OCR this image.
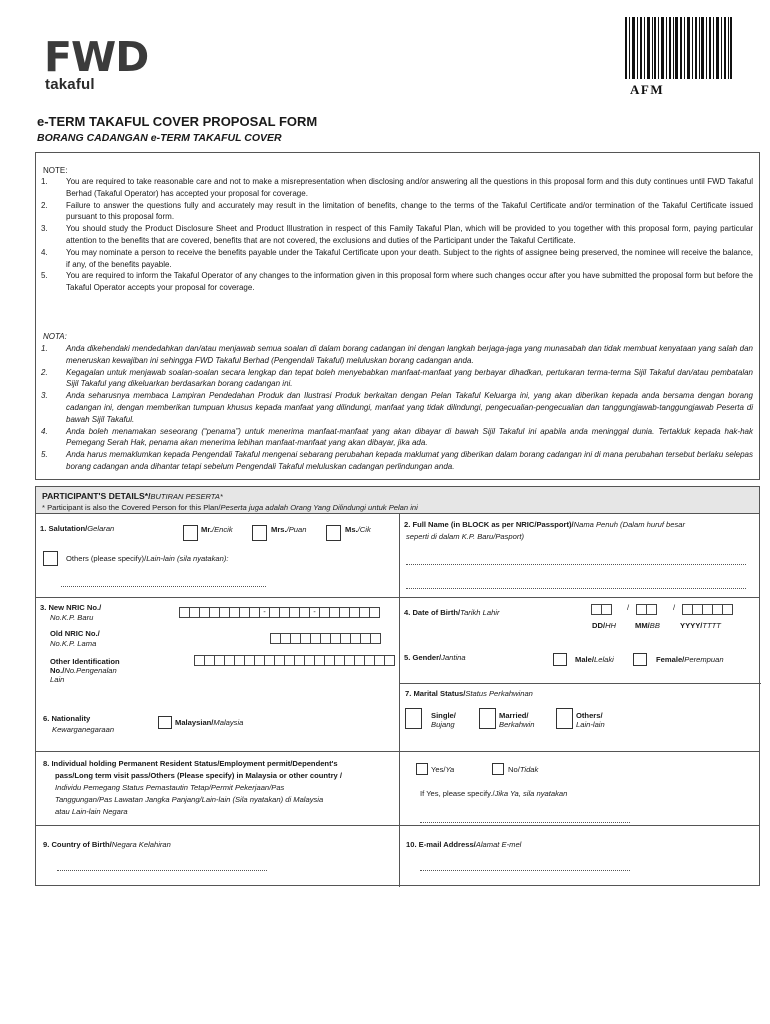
FWD
takaful	AFM
e-TERM TAKAFUL COVER PROPOSAL FORM
BORANG CADANGAN e-TERM TAKAFUL COVER
NOTE:
1.	You are required to take reasonable care and not to make a misrepresentation when disclosing and/or answering all the questions in this proposal form and this duty continues until FWD Takaful Berhad (Takaful Operator) has accepted your proposal for coverage.
2.	Failure to answer the questions fully and accurately may result in the limitation of benefits, change to the terms of the Takaful Certificate and/or termination of the Takaful Certificate issued pursuant to this proposal form.
3.	You should study the Product Disclosure Sheet and Product Illustration in respect of this Family Takaful Plan, which will be provided to you together with this proposal form, paying particular attention to the benefits that are covered, benefits that are not covered, the exclusions and duties of the Participant under the Takaful Certificate.
4.	You may nominate a person to receive the benefits payable under the Takaful Certificate upon your death. Subject to the rights of assignee being preserved, the nominee will receive the balance, if any, of the benefits payable.
5.	You are required to inform the Takaful Operator of any changes to the information given in this proposal form where such changes occur after you have submitted the proposal form but before the Takaful Operator accepts your proposal for coverage.
NOTA:
1.	Anda dikehendaki mendedahkan dan/atau menjawab semua soalan di dalam borang cadangan ini dengan langkah berjaga-jaga yang munasabah dan tidak membuat kenyataan yang salah dan meneruskan kewajiban ini sehingga FWD Takaful Berhad (Pengendali Takaful) meluluskan borang cadangan anda.
2.	Kegagalan untuk menjawab soalan-soalan secara lengkap dan tepat boleh menyebabkan manfaat-manfaat yang berbayar dihadkan, pertukaran terma-terma Sijil Takaful dan/atau pembatalan Sijil Takaful yang dikeluarkan berdasarkan borang cadangan ini.
3.	Anda seharusnya membaca Lampiran Pendedahan Produk dan Ilustrasi Produk berkaitan dengan Pelan Takaful Keluarga ini, yang akan diberikan kepada anda bersama dengan borang cadangan ini, dengan memberikan tumpuan khusus kepada manfaat yang dilindungi, manfaat yang tidak dilindungi, pengecualian-pengecualian dan tanggungjawab-tanggungjawab Peserta di bawah Sijil Takaful.
4.	Anda boleh menamakan seseorang (“penama”) untuk menerima manfaat-manfaat yang akan dibayar di bawah Sijil Takaful ini apabila anda meninggal dunia. Tertakluk kepada hak-hak Pemegang Serah Hak, penama akan menerima lebihan manfaat-manfaat yang akan dibayar, jika ada.
5.	Anda harus memaklumkan kepada Pengendali Takaful mengenai sebarang perubahan kepada maklumat yang diberikan dalam borang cadangan ini di mana perubahan tersebut berlaku selepas borang cadangan anda dihantar tetapi sebelum Pengendali Takaful meluluskan cadangan perlindungan anda.
PARTICIPANT'S DETAILS*/BUTIRAN PESERTA*
* Participant is also the Covered Person for this Plan/Peserta juga adalah Orang Yang Dilindungi untuk Pelan ini
1. Salutation/Gelaran	Mr./Encik	Mrs./Puan	Ms./Cik
Others (please specify)/Lain-lain (sila nyatakan):
2. Full Name (in BLOCK as per NRIC/Passport)/Nama Penuh (Dalam huruf besar
seperti di dalam K.P. Baru/Pasport)
3. New NRIC No./
No.K.P. Baru
-	-
Old NRIC No./
No.K.P. Lama
Other Identification
No./No.Pengenalan
Lain
4. Date of Birth/Tarikh Lahir
/	/
DD/HH MM/BB	YYYY/TTTT
5. Gender/Jantina	Male/Lelaki	Female/Perempuan
7. Marital Status/Status Perkahwinan
Single/
Bujang
Married/
Berkahwin
Others/
Lain-lain
6. Nationality
Kewarganegaraan
Malaysian/Malaysia
8. Individual holding Permanent Resident Status/Employment permit/Dependent's
pass/Long term visit pass/Others (Please specify) in Malaysia or other country /
Individu Pemegang Status Pemastautin Tetap/Permit Pekerjaan/Pas
Tanggungan/Pas Lawatan Jangka Panjang/Lain-lain (Sila nyatakan) di Malaysia
atau Lain-lain Negara
Yes/Ya	No/Tidak
If Yes, please specify./Jika Ya, sila nyatakan
9. Country of Birth/Negara Kelahiran	10. E-mail Address/Alamat E-mel
